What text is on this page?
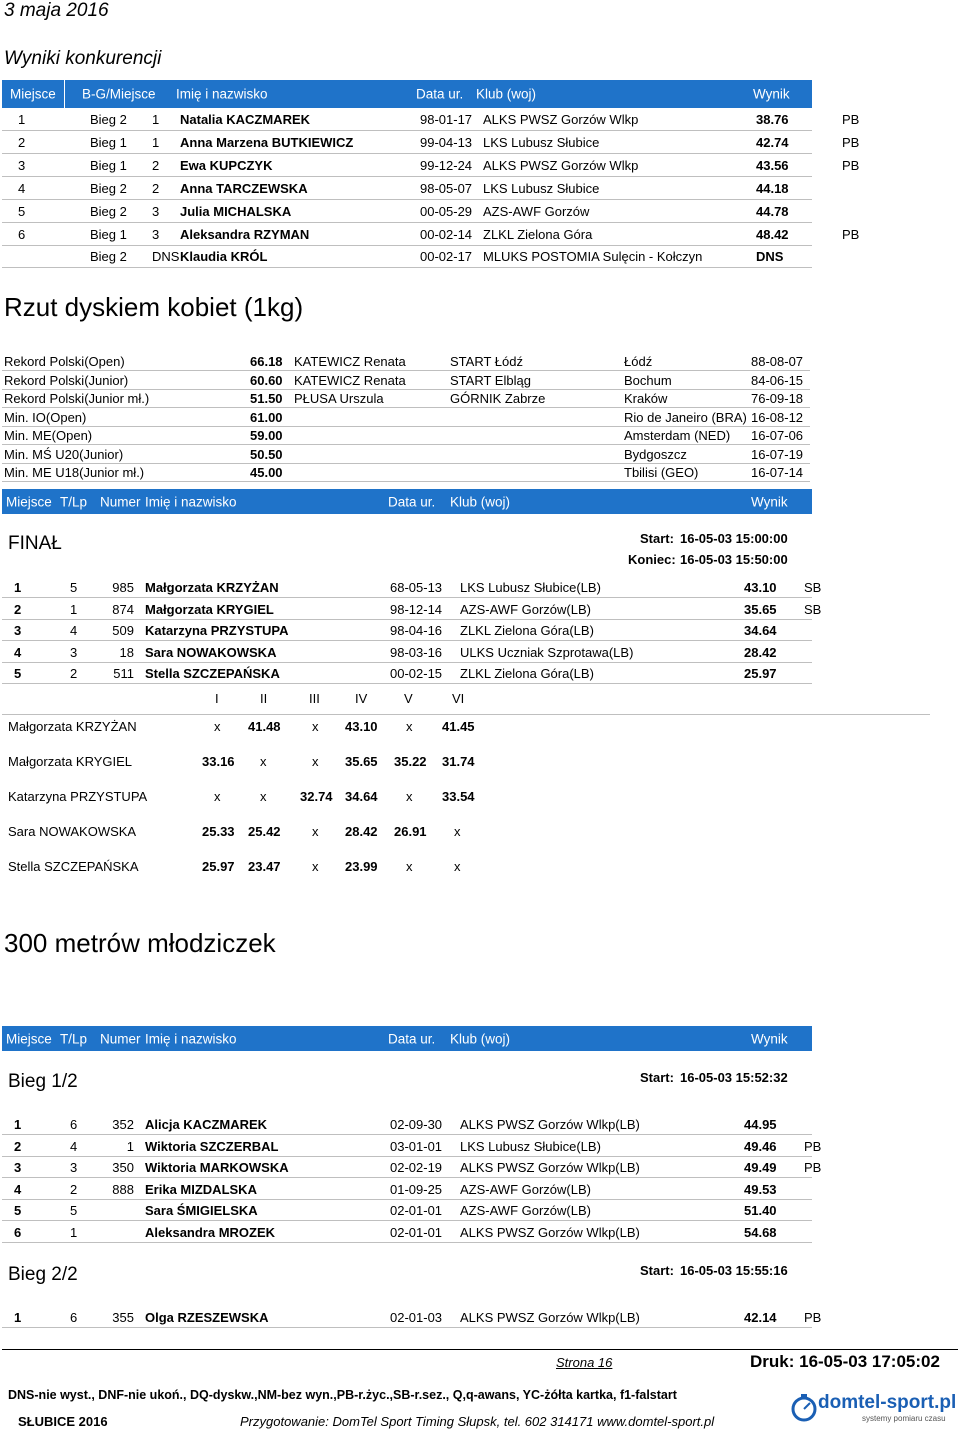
3 maja 2016
Wyniki konkurencji
Miejsce B-G/Miejsce Imię i nazwisko	Data ur. Klub (woj)	Wynik
1	Bieg 2 1 Natalia KACZMAREK	98-01-17 ALKS PWSZ Gorzów Wlkp	38.76	PB
2	Bieg 1 1 Anna Marzena BUTKIEWICZ	99-04-13 LKS Lubusz Słubice	42.74	PB
3	Bieg 1 2 Ewa KUPCZYK	99-12-24 ALKS PWSZ Gorzów Wlkp	43.56	PB
4	Bieg 2 2 Anna TARCZEWSKA	98-05-07 LKS Lubusz Słubice	44.18
5	Bieg 2 3 Julia MICHALSKA	00-05-29 AZS-AWF Gorzów	44.78
6	Bieg 1 3 Aleksandra RZYMAN	00-02-14 ZLKL Zielona Góra	48.42	PB
Bieg 2 DNS Klaudia KRÓL	00-02-17 MLUKS POSTOMIA Sulęcin - Kołczyn	DNS
Rzut dyskiem kobiet (1kg)
Rekord Polski(Open)	66.18 KATEWICZ Renata	START Łódź	Łódź	88-08-07
Rekord Polski(Junior)	60.60 KATEWICZ Renata	START Elbląg	Bochum	84-06-15
Rekord Polski(Junior mł.)	51.50 PŁUSA Urszula	GÓRNIK Zabrze	Kraków	76-09-18
Min. IO(Open)	61.00	Rio de Janeiro (BRA) 16-08-12
Min. ME(Open)	59.00	Amsterdam (NED) 16-07-06
Min. MŚ U20(Junior)	50.50	Bydgoszcz	16-07-19
Min. ME U18(Junior mł.)	45.00	Tbilisi (GEO)	16-07-14
Miejsce T/Lp Numer Imię i nazwisko	Data ur. Klub (woj)	Wynik
FINAŁ	Start: 16-05-03 15:00:00
Koniec: 16-05-03 15:50:00
1	5	985 Małgorzata KRZYŻAN	68-05-13 LKS Lubusz Słubice(LB)	43.10 SB
2	1	874 Małgorzata KRYGIEL	98-12-14 AZS-AWF Gorzów(LB)	35.65 SB
3	4	509 Katarzyna PRZYSTUPA	98-04-16 ZLKL Zielona Góra(LB)	34.64
4	3	18 Sara NOWAKOWSKA	98-03-16 ULKS Uczniak Szprotawa(LB)	28.42
5	2	511 Stella SZCZEPAŃSKA	00-02-15 ZLKL Zielona Góra(LB)	25.97
I	II	III	IV	V	VI
Małgorzata KRZYŻAN	x 41.48 x 43.10 x 41.45
Małgorzata KRYGIEL	33.16 x	x 35.65 35.22 31.74
Katarzyna PRZYSTUPA	x	x	32.74 34.64 x 33.54
Sara NOWAKOWSKA	25.33 25.42 x 28.42 26.91 x
Stella SZCZEPAŃSKA	25.97 23.47 x 23.99 x	x
300 metrów młodziczek
Miejsce T/Lp Numer Imię i nazwisko	Data ur. Klub (woj)	Wynik
Bieg 1/2	Start: 16-05-03 15:52:32
1	6	352 Alicja KACZMAREK	02-09-30 ALKS PWSZ Gorzów Wlkp(LB)	44.95
2	4	1 Wiktoria SZCZERBAL	03-01-01 LKS Lubusz Słubice(LB)	49.46 PB
3	3	350 Wiktoria MARKOWSKA	02-02-19 ALKS PWSZ Gorzów Wlkp(LB)	49.49 PB
4	2	888 Erika MIZDALSKA	01-09-25 AZS-AWF Gorzów(LB)	49.53
5	5	Sara ŚMIGIELSKA	02-01-01 AZS-AWF Gorzów(LB)	51.40
6	1	Aleksandra MROZEK	02-01-01 ALKS PWSZ Gorzów Wlkp(LB)	54.68
Bieg 2/2	Start: 16-05-03 15:55:16
1	6	355 Olga RZESZEWSKA	02-01-03 ALKS PWSZ Gorzów Wlkp(LB)	42.14 PB
Strona 16	Druk: 16-05-03 17:05:02
DNS-nie wyst., DNF-nie ukoń., DQ-dyskw.,NM-bez wyn.,PB-r.życ.,SB-r.sez., Q,q-awans, YC-żółta kartka, f1-falstart
SŁUBICE 2016	Przygotowanie: DomTel Sport Timing Słupsk, tel. 602 314171 www.domtel-sport.pl
domtel-sport.pl
systemy pomiaru czasu
